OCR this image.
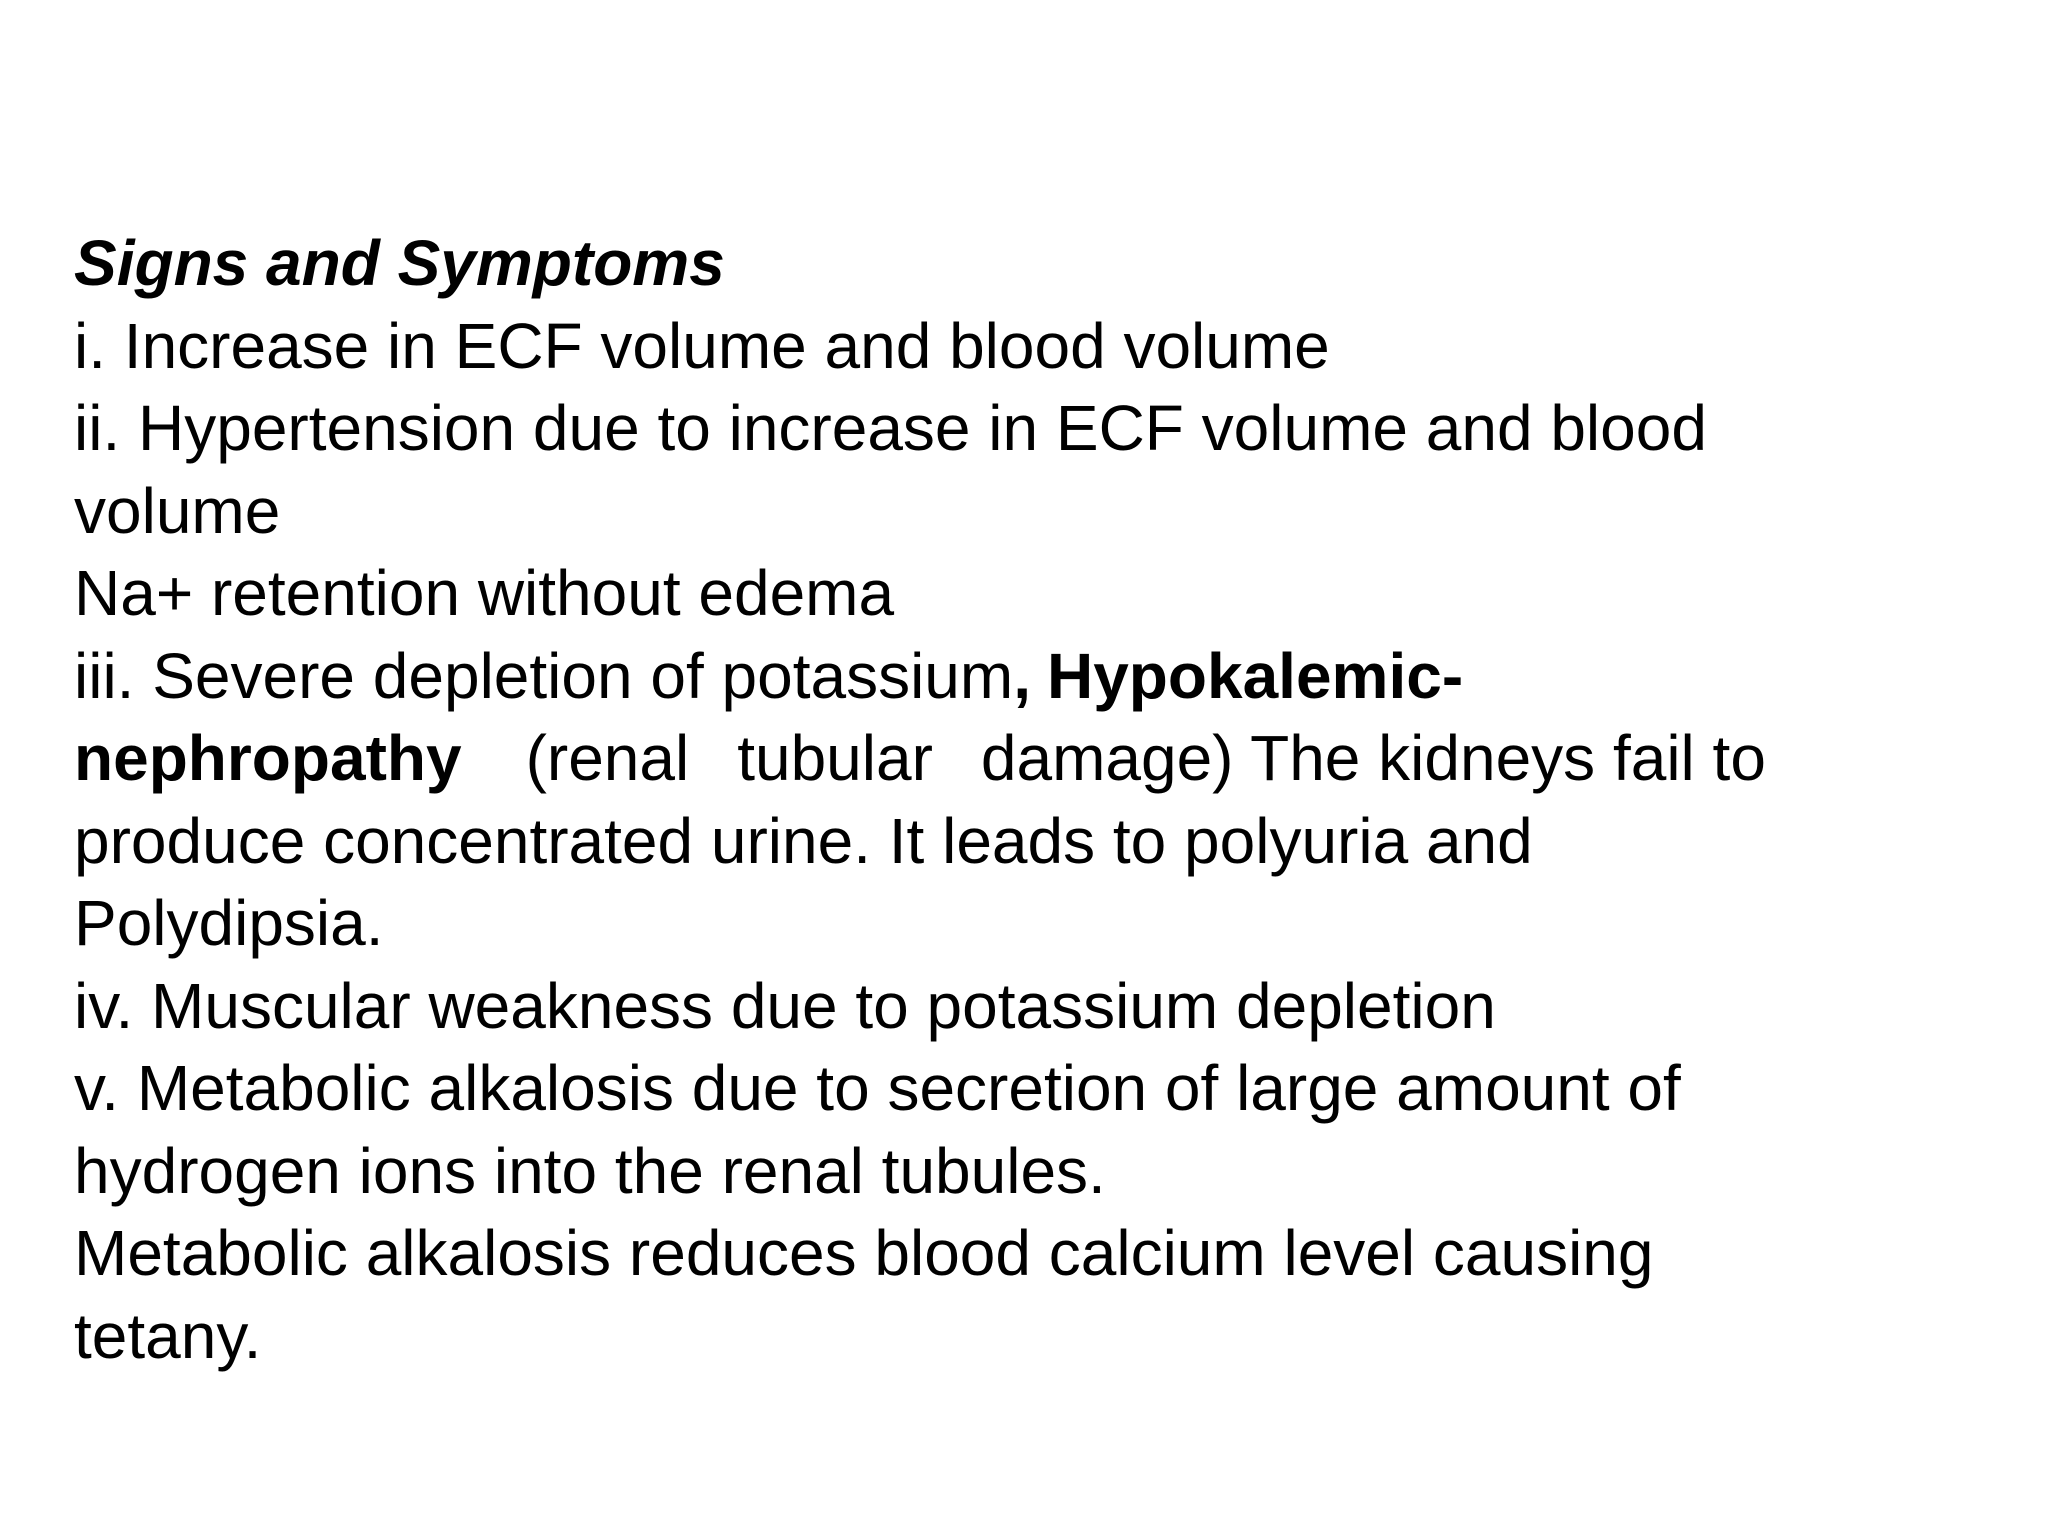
Signs and Symptoms
i. Increase in ECF volume and blood volume
ii. Hypertension due to increase in ECF volume and blood
volume
Na+ retention without edema
iii. Severe depletion of potassium, Hypokalemic-
nephropathy (renal tubular damage) The kidneys fail to
produce concentrated urine. It leads to polyuria and
Polydipsia.
iv. Muscular weakness due to potassium depletion
v. Metabolic alkalosis due to secretion of large amount of
hydrogen ions into the renal tubules.
Metabolic alkalosis reduces blood calcium level causing
tetany.
